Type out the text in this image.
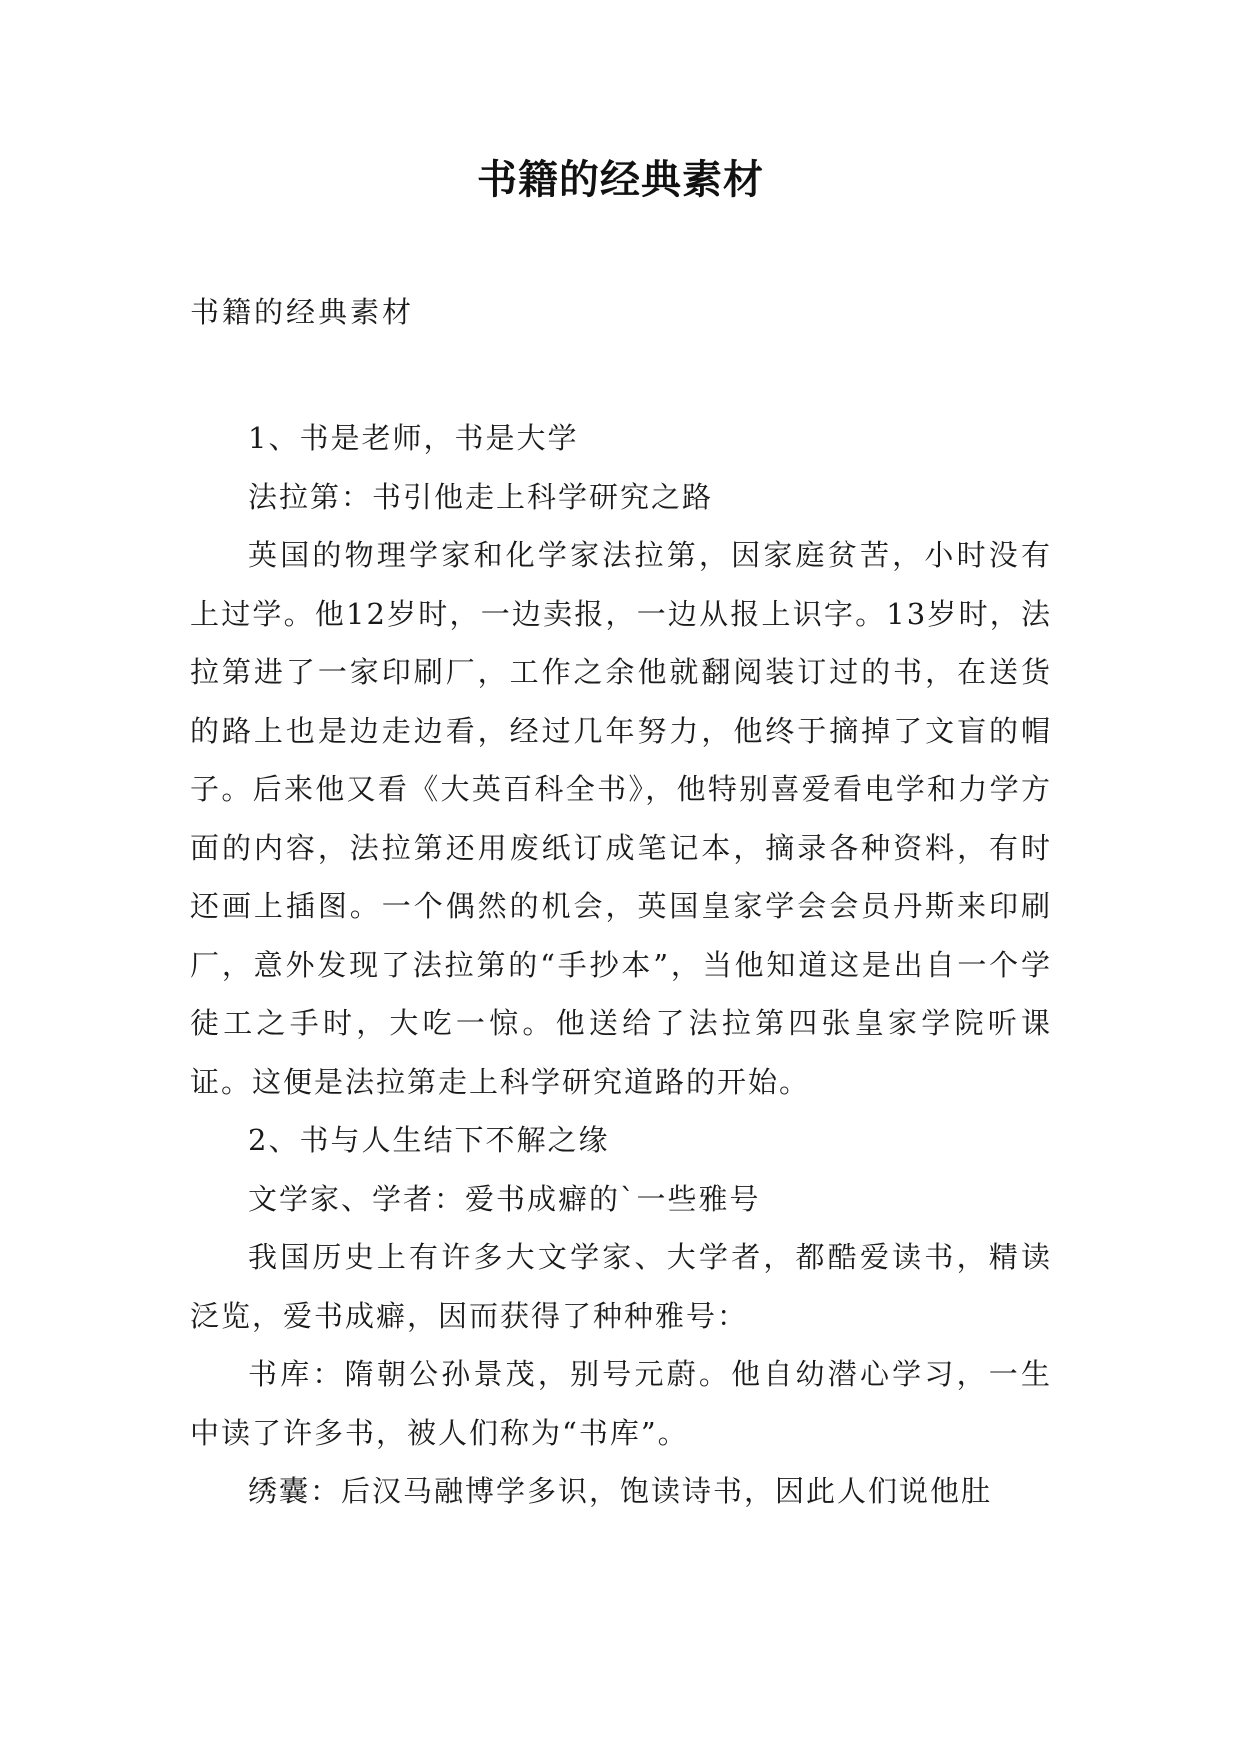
书籍的经典素材
书籍的经典素材

1、书是老师，书是大学

法拉第：书引他走上科学研究之路

英国的物理学家和化学家法拉第，因家庭贫苦，小时没有上过学。他12岁时，一边卖报，一边从报上识字。13岁时，法拉第进了一家印刷厂，工作之余他就翻阅装订过的书，在送货的路上也是边走边看，经过几年努力，他终于摘掉了文盲的帽子。后来他又看《大英百科全书》，他特别喜爱看电学和力学方面的内容，法拉第还用废纸订成笔记本，摘录各种资料，有时还画上插图。一个偶然的机会，英国皇家学会会员丹斯来印刷厂，意外发现了法拉第的“手抄本”，当他知道这是出自一个学徒工之手时，大吃一惊。他送给了法拉第四张皇家学院听课证。这便是法拉第走上科学研究道路的开始。

2、书与人生结下不解之缘

文学家、学者：爱书成癖的`一些雅号

我国历史上有许多大文学家、大学者，都酷爱读书，精读泛览，爱书成癖，因而获得了种种雅号：

书库：隋朝公孙景茂，别号元蔚。他自幼潜心学习，一生中读了许多书，被人们称为“书库”。

绣囊：后汉马融博学多识，饱读诗书，因此人们说他肚
